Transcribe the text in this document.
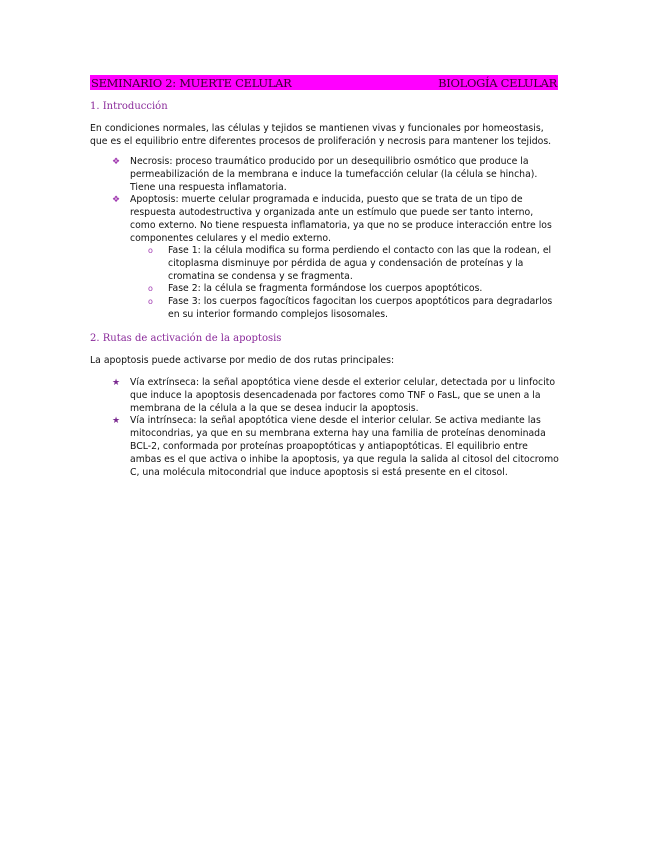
SEMINARIO 2: MUERTE CELULAR	BIOLOGÍA CELULAR
1. Introducción

En condiciones normales, las células y tejidos se mantienen vivas y funcionales por homeostasis,
que es el equilibrio entre diferentes procesos de proliferación y necrosis para mantener los tejidos.

❖ Necrosis: proceso traumático producido por un desequilibrio osmótico que produce la
permeabilización de la membrana e induce la tumefacción celular (la célula se hincha).
Tiene una respuesta inflamatoria.
❖ Apoptosis: muerte celular programada e inducida, puesto que se trata de un tipo de
respuesta autodestructiva y organizada ante un estímulo que puede ser tanto interno,
como externo. No tiene respuesta inflamatoria, ya que no se produce interacción entre los
componentes celulares y el medio externo.
o Fase 1: la célula modifica su forma perdiendo el contacto con las que la rodean, el
citoplasma disminuye por pérdida de agua y condensación de proteínas y la
cromatina se condensa y se fragmenta.
o Fase 2: la célula se fragmenta formándose los cuerpos apoptóticos.
o Fase 3: los cuerpos fagocíticos fagocitan los cuerpos apoptóticos para degradarlos
en su interior formando complejos lisosomales.
2. Rutas de activación de la apoptosis

La apoptosis puede activarse por medio de dos rutas principales:

★ Vía extrínseca: la señal apoptótica viene desde el exterior celular, detectada por u linfocito
que induce la apoptosis desencadenada por factores como TNF o FasL, que se unen a la
membrana de la célula a la que se desea inducir la apoptosis.
★ Vía intrínseca: la señal apoptótica viene desde el interior celular. Se activa mediante las
mitocondrias, ya que en su membrana externa hay una familia de proteínas denominada
BCL-2, conformada por proteínas proapoptóticas y antiapoptóticas. El equilibrio entre
ambas es el que activa o inhibe la apoptosis, ya que regula la salida al citosol del citocromo
C, una molécula mitocondrial que induce apoptosis si está presente en el citosol.
